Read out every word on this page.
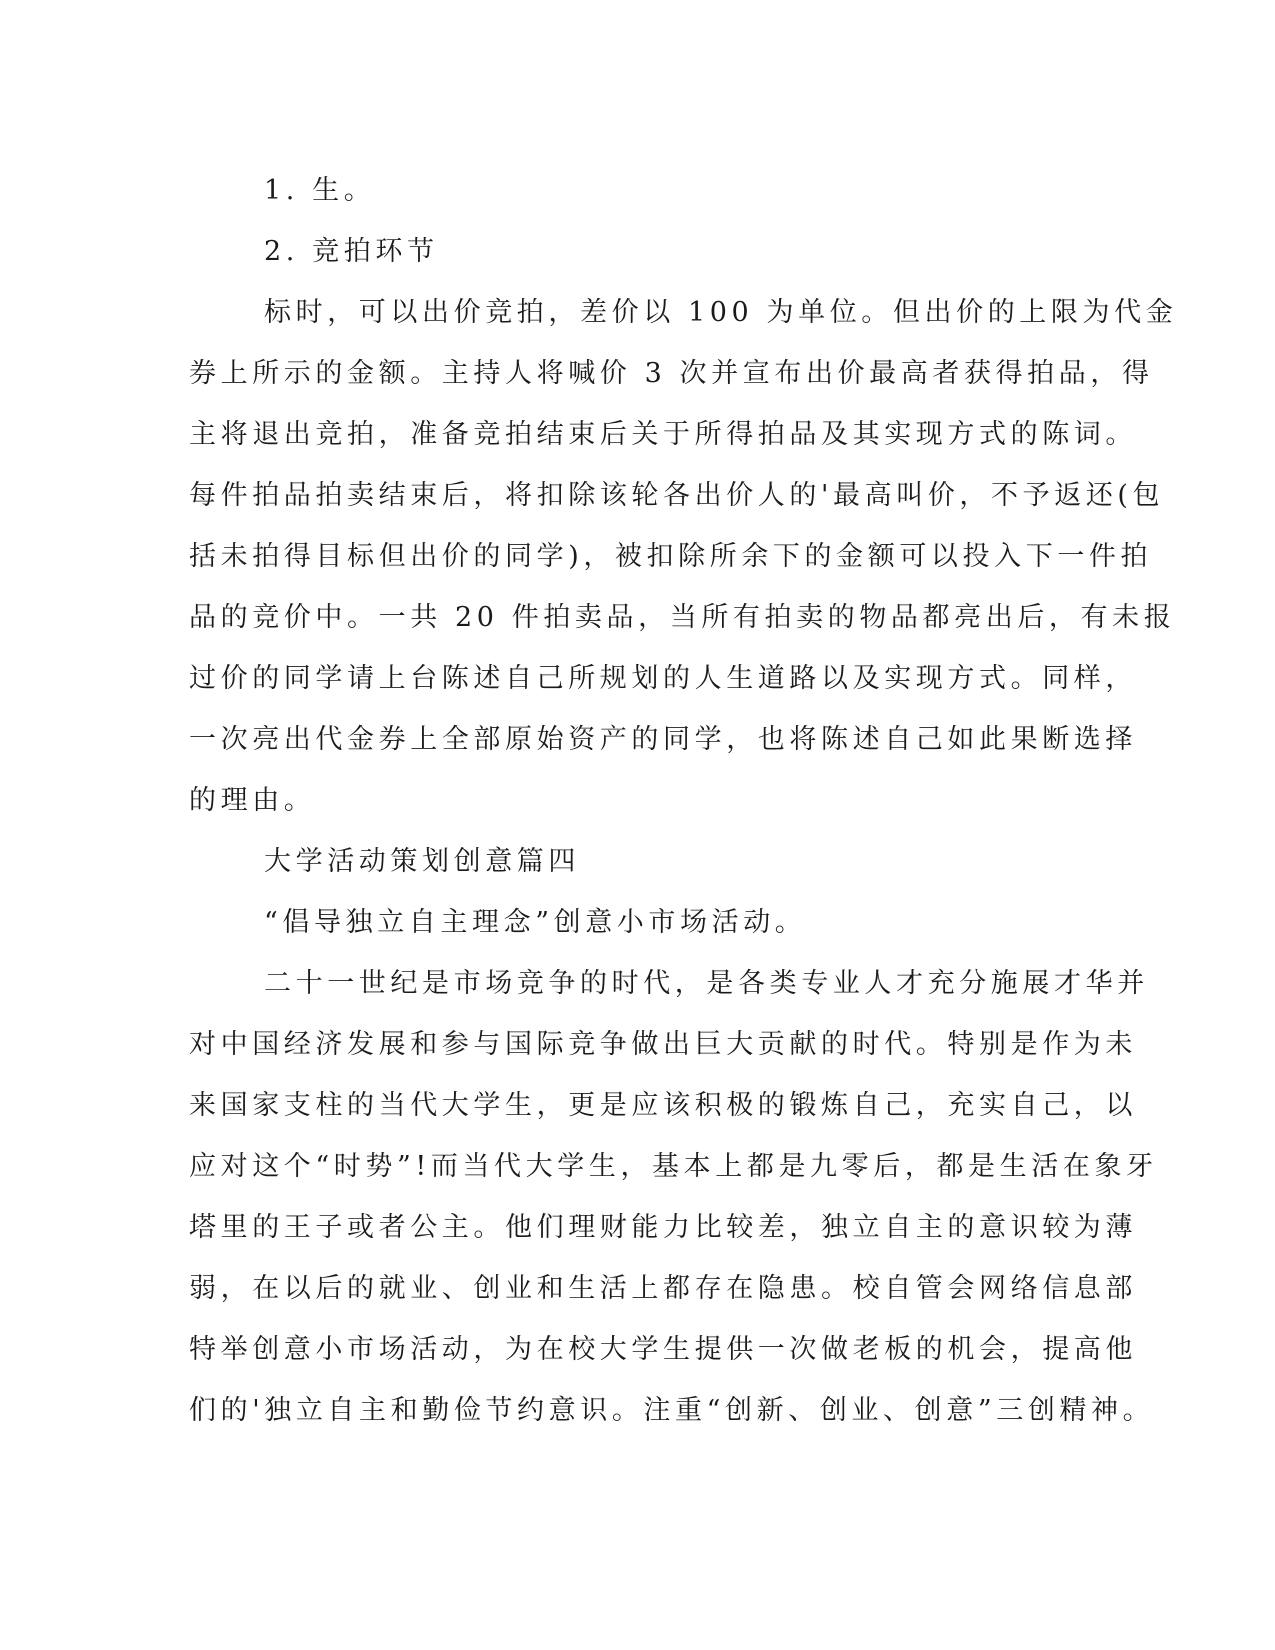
1. 生。
2. 竞拍环节
标时，可以出价竞拍，差价以 100 为单位。但出价的上限为代金
券上所示的金额。主持人将喊价 3 次并宣布出价最高者获得拍品，得
主将退出竞拍，准备竞拍结束后关于所得拍品及其实现方式的陈词。
每件拍品拍卖结束后，将扣除该轮各出价人的'最高叫价，不予返还(包
括未拍得目标但出价的同学)，被扣除所余下的金额可以投入下一件拍
品的竞价中。一共 20 件拍卖品，当所有拍卖的物品都亮出后，有未报
过价的同学请上台陈述自己所规划的人生道路以及实现方式。同样，
一次亮出代金券上全部原始资产的同学，也将陈述自己如此果断选择
的理由。
大学活动策划创意篇四
“倡导独立自主理念”创意小市场活动。
二十一世纪是市场竞争的时代，是各类专业人才充分施展才华并
对中国经济发展和参与国际竞争做出巨大贡献的时代。特别是作为未
来国家支柱的当代大学生，更是应该积极的锻炼自己，充实自己，以
应对这个“时势”!而当代大学生，基本上都是九零后，都是生活在象牙
塔里的王子或者公主。他们理财能力比较差，独立自主的意识较为薄
弱，在以后的就业、创业和生活上都存在隐患。校自管会网络信息部
特举创意小市场活动，为在校大学生提供一次做老板的机会，提高他
们的'独立自主和勤俭节约意识。注重“创新、创业、创意”三创精神。
